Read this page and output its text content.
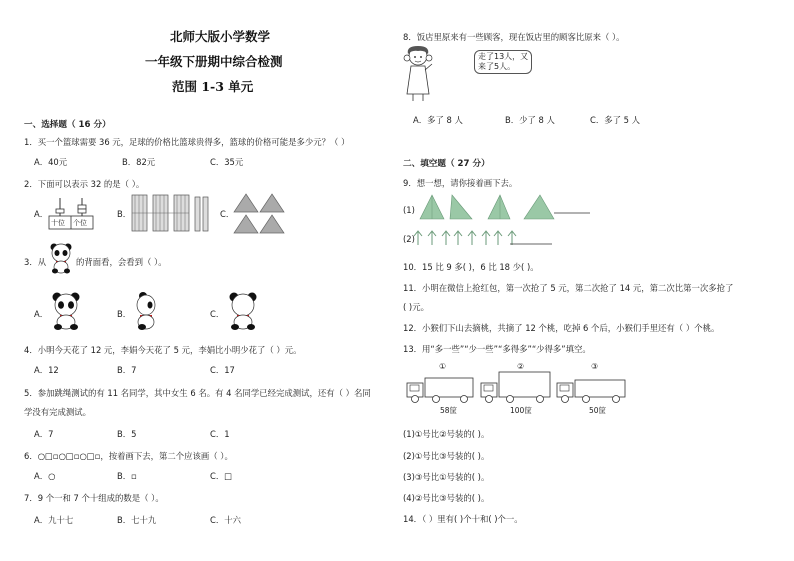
北师大版小学数学
一年级下册期中综合检测
范围 1-3 单元
一、选择题（ 16 分）
1．买一个篮球需要 36 元，足球的价格比篮球贵得多，篮球的价格可能是多少元？（ ）
A．40元	B．82元	C．35元
2．下面可以表示 32 的是（ ）。
A．
十位 个位
B．	C．
3．从	的背面看，会看到（ ）。
A．	B．	C．
4．小明今天花了 12 元，李娟今天花了 5 元，李娟比小明少花了（ ）元。
A．12	B．7	C．17
5．参加跳绳测试的有 11 名同学，其中女生 6 名。有 4 名同学已经完成测试，还有（ ）名同
学没有完成测试。
A．7	B．5	C．1
6．○□▫○□▫○□▫，按着画下去，第二个应该画（ ）。
A．○	B．▫	C．□
7．9 个一和 7 个十组成的数是（ ）。
A．九十七	B．七十九	C．十六
8．饭店里原来有一些顾客，现在饭店里的顾客比原来（ ）。
走了13人，又
来了5人。
A．多了 8 人	B．少了 8 人	C．多了 5 人
二、填空题（ 27 分）
9．想一想，请你接着画下去。
(1)
(2)
10．15 比 9 多( )，6 比 18 少( )。
11．小明在微信上抢红包，第一次抢了 5 元，第二次抢了 14 元，第二次比第一次多抢了
( )元。
12．小猴们下山去摘桃，共摘了 12 个桃，吃掉 6 个后，小猴们手里还有（ ）个桃。
13．用“多一些”“少一些”“多得多”“少得多”填空。
①	②	③
58筐	100筐	50筐
(1)①号比②号装的( )。
(2)①号比③号装的( )。
(3)③号比①号装的( )。
(4)②号比③号装的( )。
14．（ ）里有( )个十和( )个一。
